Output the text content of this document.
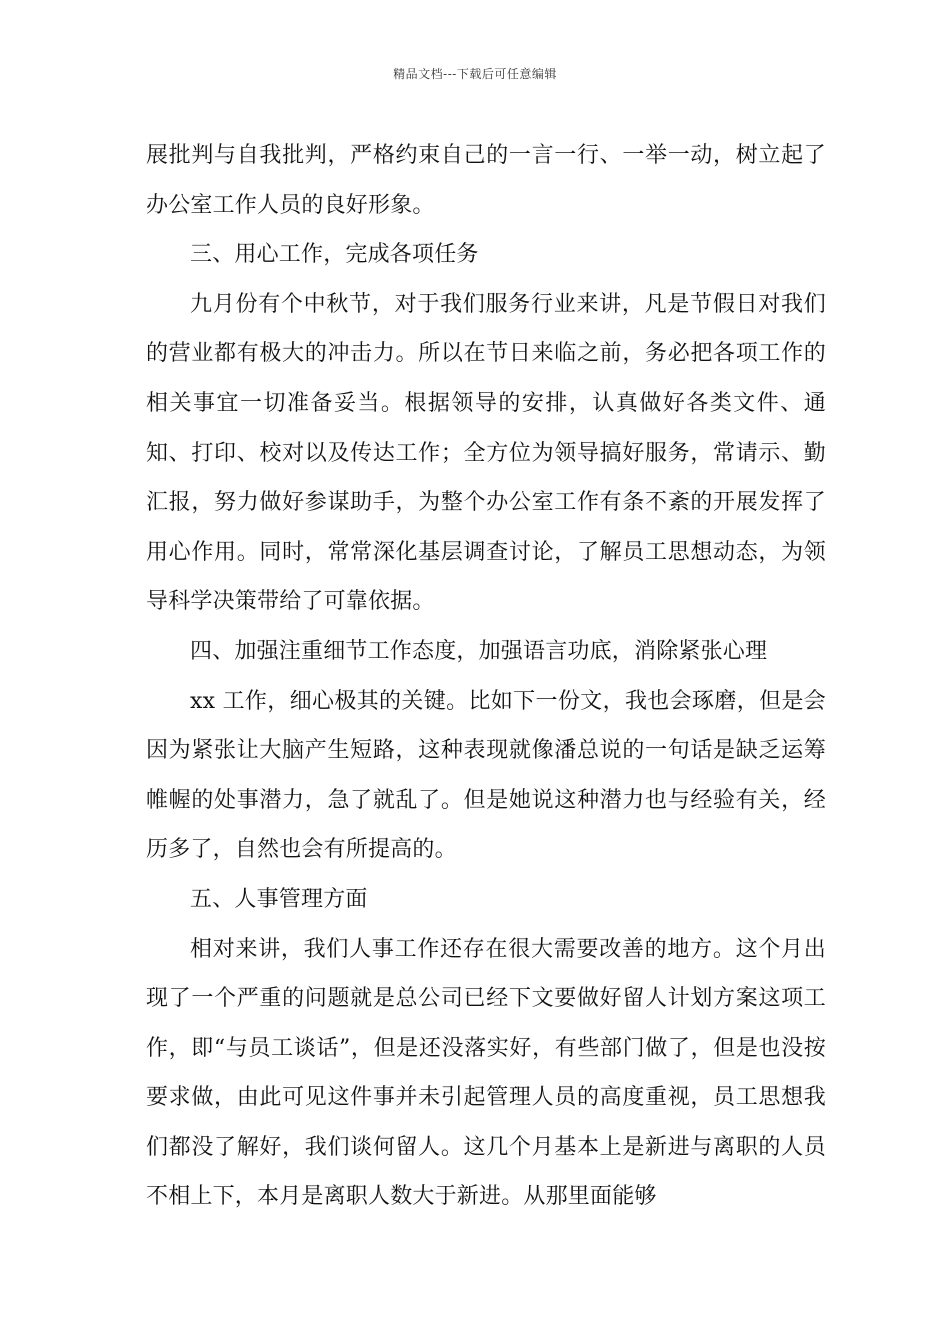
精品文档---下载后可任意编辑

展批判与自我批判，严格约束自己的一言一行、一举一动，树立起了办公室工作人员的良好形象。

三、用心工作，完成各项任务

九月份有个中秋节，对于我们服务行业来讲，凡是节假日对我们的营业都有极大的冲击力。所以在节日来临之前，务必把各项工作的相关事宜一切准备妥当。根据领导的安排，认真做好各类文件、通知、打印、校对以及传达工作；全方位为领导搞好服务，常请示、勤汇报，努力做好参谋助手，为整个办公室工作有条不紊的开展发挥了用心作用。同时，常常深化基层调查讨论，了解员工思想动态，为领导科学决策带给了可靠依据。

四、加强注重细节工作态度，加强语言功底，消除紧张心理

xx 工作，细心极其的关键。比如下一份文，我也会琢磨，但是会因为紧张让大脑产生短路，这种表现就像潘总说的一句话是缺乏运筹帷幄的处事潜力，急了就乱了。但是她说这种潜力也与经验有关，经历多了，自然也会有所提高的。

五、人事管理方面

相对来讲，我们人事工作还存在很大需要改善的地方。这个月出现了一个严重的问题就是总公司已经下文要做好留人计划方案这项工作，即“与员工谈话”，但是还没落实好，有些部门做了，但是也没按要求做，由此可见这件事并未引起管理人员的高度重视，员工思想我们都没了解好，我们谈何留人。这几个月基本上是新进与离职的人员不相上下，本月是离职人数大于新进。从那里面能够
